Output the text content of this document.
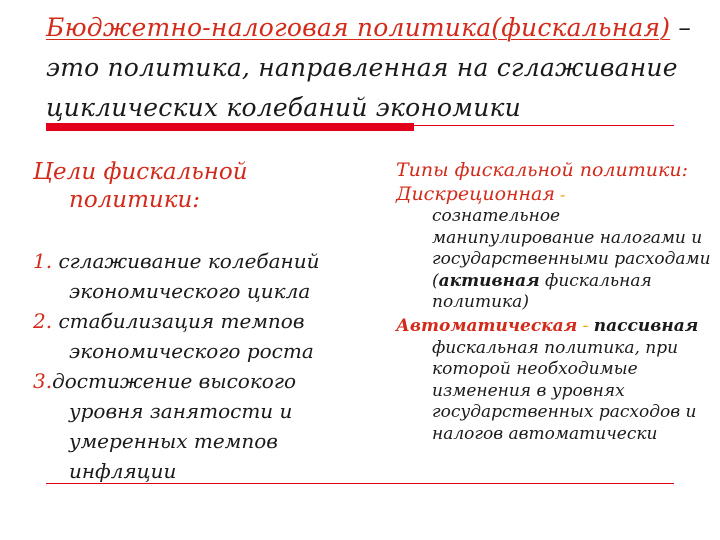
Бюджетно-налоговая политика(фискальная) – это политика, направленная на сглаживание циклических колебаний экономики
Цели фискальной политики:
1. сглаживание колебаний экономического цикла
2. стабилизация темпов экономического роста
3.достижение высокого уровня занятости и умеренных темпов инфляции
Типы фискальной политики:
Дискреционная -
сознательное манипулирование налогами и государственными расходами (активная фискальная политика)
Автоматическая - пассивная
фискальная политика, при которой необходимые изменения в уровнях государственных расходов и налогов автоматически
